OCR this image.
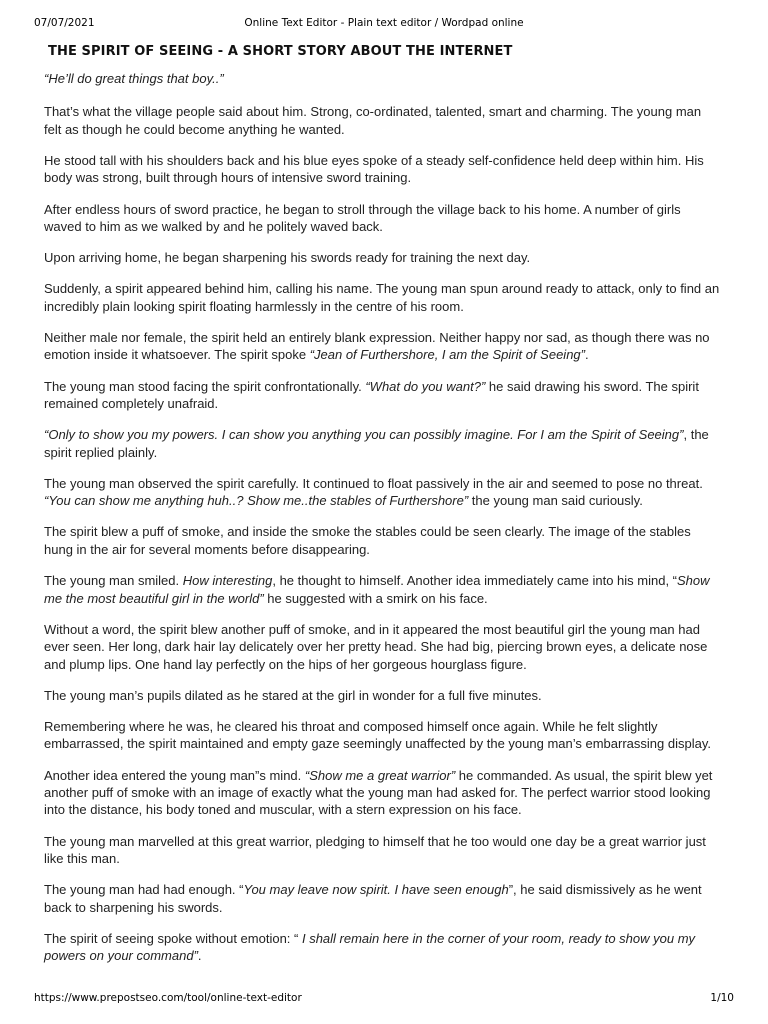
07/07/2021	Online Text Editor - Plain text editor / Wordpad online
THE SPIRIT OF SEEING - A SHORT STORY ABOUT THE INTERNET

“He’ll do great things that boy..”

That’s what the village people said about him. Strong, co-ordinated, talented, smart and charming. The young man felt as though he could become anything he wanted.

He stood tall with his shoulders back and his blue eyes spoke of a steady self-confidence held deep within him. His body was strong, built through hours of intensive sword training.

After endless hours of sword practice, he began to stroll through the village back to his home. A number of girls waved to him as we walked by and he politely waved back.

Upon arriving home, he began sharpening his swords ready for training the next day.

Suddenly, a spirit appeared behind him, calling his name. The young man spun around ready to attack, only to find an incredibly plain looking spirit floating harmlessly in the centre of his room.

Neither male nor female, the spirit held an entirely blank expression. Neither happy nor sad, as though there was no emotion inside it whatsoever. The spirit spoke “Jean of Furthershore, I am the Spirit of Seeing”.

The young man stood facing the spirit confrontationally. “What do you want?” he said drawing his sword. The spirit remained completely unafraid.

“Only to show you my powers. I can show you anything you can possibly imagine. For I am the Spirit of Seeing”, the spirit replied plainly.

The young man observed the spirit carefully. It continued to float passively in the air and seemed to pose no threat. “You can show me anything huh..? Show me..the stables of Furthershore” the young man said curiously.

The spirit blew a puff of smoke, and inside the smoke the stables could be seen clearly. The image of the stables hung in the air for several moments before disappearing.

The young man smiled. How interesting, he thought to himself. Another idea immediately came into his mind, “Show me the most beautiful girl in the world” he suggested with a smirk on his face.

Without a word, the spirit blew another puff of smoke, and in it appeared the most beautiful girl the young man had ever seen. Her long, dark hair lay delicately over her pretty head. She had big, piercing brown eyes, a delicate nose and plump lips. One hand lay perfectly on the hips of her gorgeous hourglass figure.

The young man’s pupils dilated as he stared at the girl in wonder for a full five minutes.

Remembering where he was, he cleared his throat and composed himself once again. While he felt slightly embarrassed, the spirit maintained and empty gaze seemingly unaffected by the young man’s embarrassing display.

Another idea entered the young man”s mind. “Show me a great warrior” he commanded. As usual, the spirit blew yet another puff of smoke with an image of exactly what the young man had asked for. The perfect warrior stood looking into the distance, his body toned and muscular, with a stern expression on his face.

The young man marvelled at this great warrior, pledging to himself that he too would one day be a great warrior just like this man.

The young man had had enough. “You may leave now spirit. I have seen enough”, he said dismissively as he went back to sharpening his swords.

The spirit of seeing spoke without emotion: “ I shall remain here in the corner of your room, ready to show you my powers on your command”.

https://www.prepostseo.com/tool/online-text-editor	1/10
